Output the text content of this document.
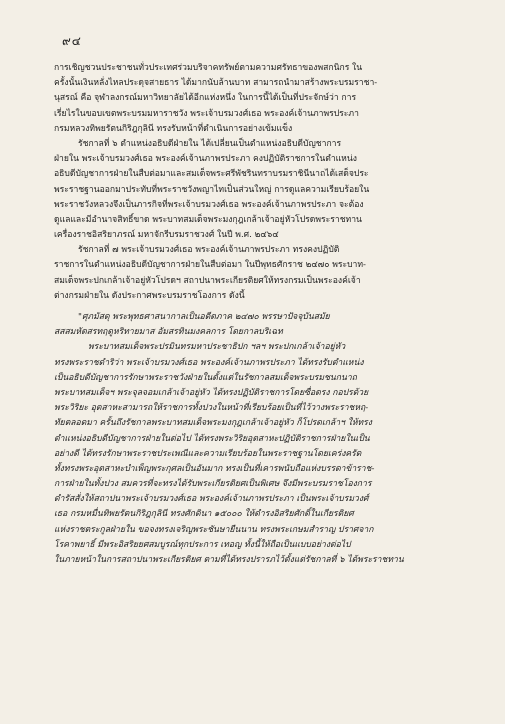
๙๔
การเชิญชวนประชาชนทั่วประเทศร่วมบริจาคทรัพย์ตามความศรัทธาของพสกนิกร ใน
ครั้งนั้นเงินหลั่งไหลประดุจสายธาร ได้มากนับล้านบาท สามารถนำมาสร้างพระบรมราชา-
นุสรณ์ คือ จุฬาลงกรณ์มหาวิทยาลัยได้อีกแห่งหนึ่ง ในการนี้ได้เป็นที่ประจักษ์ว่า การ
เรี่ยไรในขอบเขตพระบรมมหาราชวัง พระเจ้าบรมวงศ์เธอ พระองค์เจ้านภาพรประภา
กรมหลวงทิพยรัตนกิริฎกุลินี ทรงรับหน้าที่ดำเนินการอย่างเข้มแข็ง
รัชกาลที่ ๖ ตำแหน่งอธิบดีฝ่ายใน ได้เปลี่ยนเป็นตำแหน่งอธิบดีบัญชาการ
ฝ่ายใน พระเจ้าบรมวงศ์เธอ พระองค์เจ้านภาพรประภา คงปฏิบัติราชการในตำแหน่ง
อธิบดีบัญชาการฝ่ายในสืบต่อมาและสมเด็จพระศรีพัชรินทราบรมราชินีนาถได้เสด็จประ
พระราชฐานออกมาประทับที่พระราชวังพญาไทเป็นส่วนใหญ่ การดูแลความเรียบร้อยใน
พระราชวังหลวงจึงเป็นภารกิจที่พระเจ้าบรมวงศ์เธอ พระองค์เจ้านภาพรประภา จะต้อง
ดูแลและมีอำนาจสิทธิ์ขาด พระบาทสมเด็จพระมงกุฎเกล้าเจ้าอยู่หัวโปรดพระราชทาน
เครื่องราชอิสริยาภรณ์ มหาจักรีบรมราชวงศ์ ในปี พ.ศ. ๒๔๖๔
รัชกาลที่ ๗ พระเจ้าบรมวงศ์เธอ พระองค์เจ้านภาพรประภา ทรงคงปฏิบัติ
ราชการในตำแหน่งอธิบดีบัญชาการฝ่ายในสืบต่อมา ในปีพุทธศักราช ๒๔๗๐ พระบาท-
สมเด็จพระปกเกล้าเจ้าอยู่หัวโปรดฯ สถาปนาพระเกียรติยศให้ทรงกรมเป็นพระองค์เจ้า
ต่างกรมฝ่ายใน ดังประกาศพระบรมราชโองการ ดังนี้
"ศุภมัสดุ พระพุทธศาสนากาลเป็นอดีตภาค ๒๔๗๐ พรรษาปัจจุบันสมัย
สสสมหัตสรทฤดูหริทายมาส อัมสรทินมงคลการ โดยกาลบริเฉท
พระบาทสมเด็จพระปรมินทรมหาประชาธิปก ฯลฯ พระปกเกล้าเจ้าอยู่หัว
ทรงพระราชดำริว่า พระเจ้าบรมวงศ์เธอ พระองค์เจ้านภาพรประภา ได้ทรงรับตำแหน่ง
เป็นอธิบดีบัญชาการรักษาพระราชวังฝ่ายในตั้งแต่ในรัชกาลสมเด็จพระบรมชนกนาถ
พระบาทสมเด็จฯ พระจุลจอมเกล้าเจ้าอยู่หัว ได้ทรงปฏิบัติราชการโดยซื่อตรง กอปรด้วย
พระวิริยะ อุตสาหะสามารถให้ราชการทั้งปวงในหน้าที่เรียบร้อยเป็นที่ไว้วางพระราชหฤ-
ทัยตลอดมา ครั้นถึงรัชกาลพระบาทสมเด็จพระมงกุฎเกล้าเจ้าอยู่หัว ก็โปรดเกล้าฯ ให้ทรง
ตำแหน่งอธิบดีบัญชาการฝ่ายในต่อไป ได้ทรงพระวิริยอุตสาหะปฏิบัติราชการฝ่ายในเป็น
อย่างดี ได้ทรงรักษาพระราชประเพณีและความเรียบร้อยในพระราชฐานโดยเคร่งครัด
ทั้งทรงพระอุตสาหะบำเพ็ญพระกุศลเป็นอันมาก ทรงเป็นที่เคารพนับถือแห่งบรรดาข้าราช-
การฝ่ายในทั้งปวง สมควรที่จะทรงได้รับพระเกียรติยศเป็นพิเศษ จึงมีพระบรมราชโองการ
ดำรัสสั่งให้สถาปนาพระเจ้าบรมวงศ์เธอ พระองค์เจ้านภาพรประภา เป็นพระเจ้าบรมวงศ์
เธอ กรมหมื่นทิพยรัตนกิริฎกุลินี ทรงศักดินา ๑๕๐๐๐ ให้ดำรงอิสริยศักดิ์ในเกียรติยศ
แห่งราชตระกูลฝ่ายใน ขอจงทรงเจริญพระชันษายืนนาน ทรงพระเกษมสำราญ ปราศจาก
โรคาพยาธิ์ มีพระอิสริยยศสมบูรณ์ทุกประการ เทอญ ทั้งนี้ให้ถือเป็นแบบอย่างต่อไป
ในภายหน้าในการสถาปนาพระเกียรติยศ ตามที่ได้ทรงปรารภไว้ตั้งแต่รัชกาลที่ ๖ ได้พระราชทาน
